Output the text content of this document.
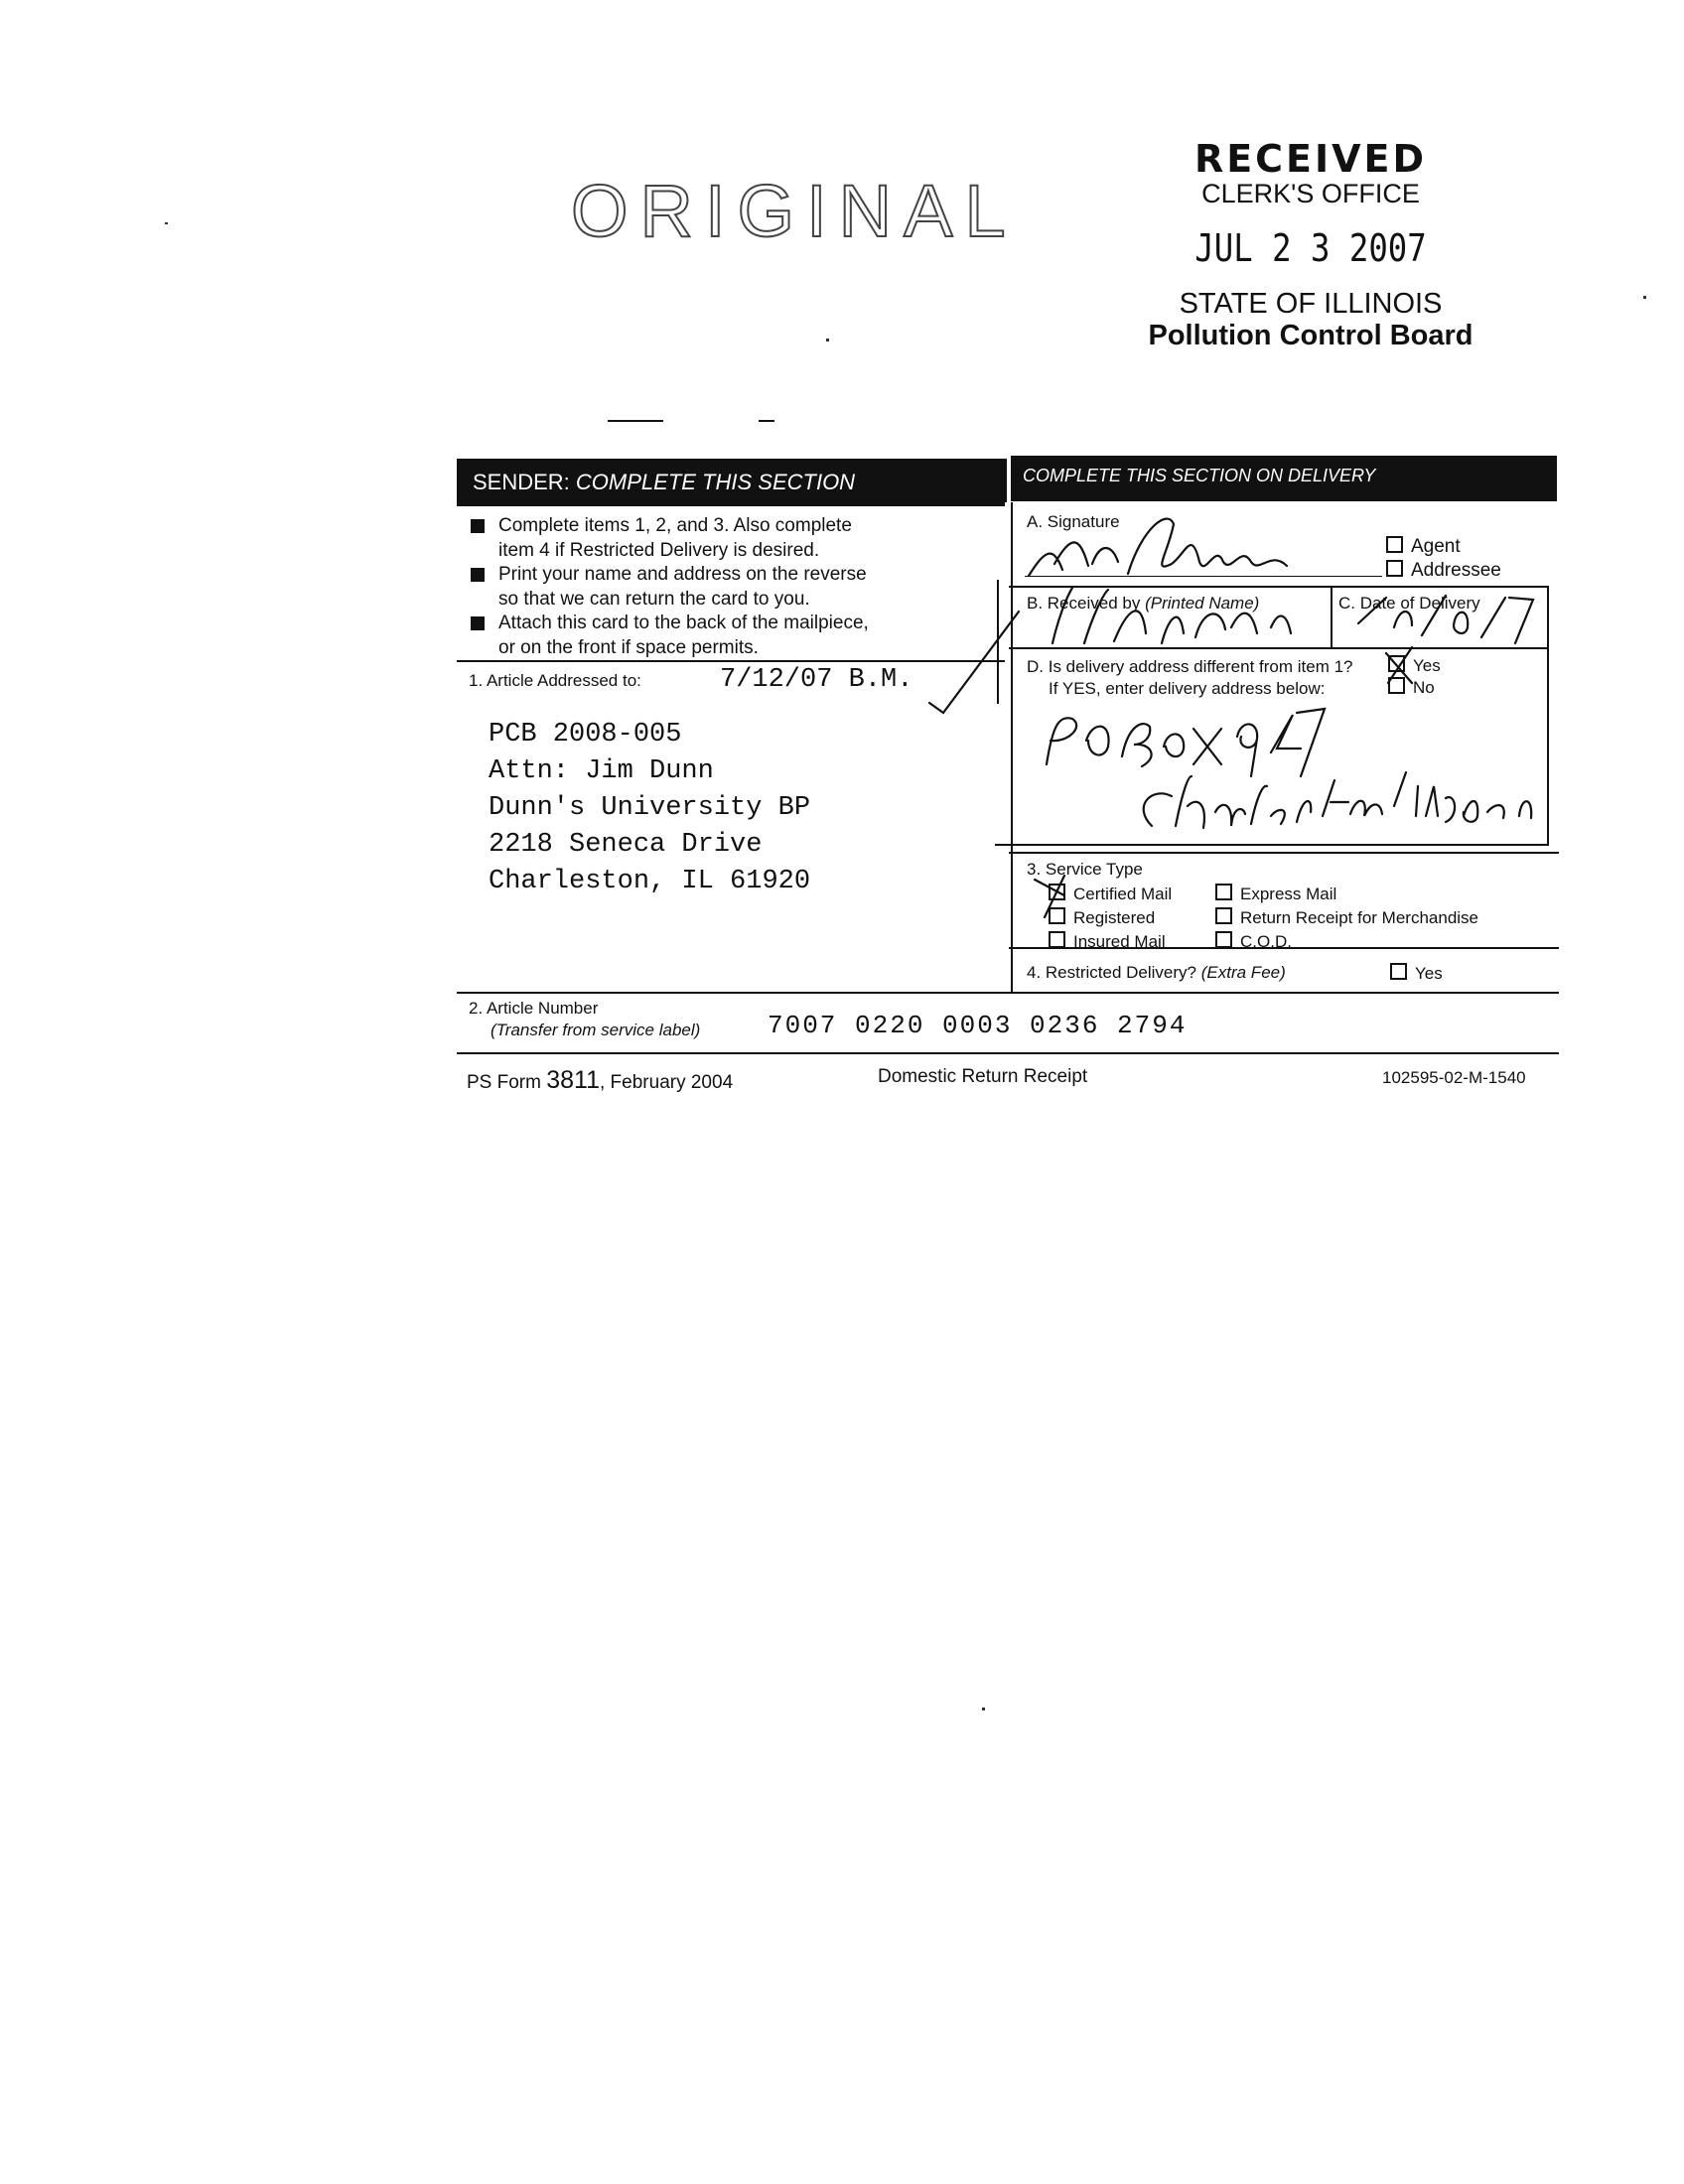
ORIGINAL
RECEIVED
CLERK'S OFFICE
JUL 2 3 2007
STATE OF ILLINOIS
Pollution Control Board
SENDER: COMPLETE THIS SECTION	COMPLETE THIS SECTION ON DELIVERY
Complete items 1, 2, and 3. Also complete
item 4 if Restricted Delivery is desired.
Print your name and address on the reverse
so that we can return the card to you.
Attach this card to the back of the mailpiece,
or on the front if space permits.
1. Article Addressed to:	7/12/07 B.M.
PCB 2008-005
Attn: Jim Dunn
Dunn's University BP
2218 Seneca Drive
Charleston, IL 61920
A. Signature
Agent
Addressee
B. Received by (Printed Name)	C. Date of Delivery
D. Is delivery address different from item 1?
If YES, enter delivery address below:
Yes
No
3. Service Type
Certified Mail	Express Mail
Registered	Return Receipt for Merchandise
Insured Mail	C.O.D.
4. Restricted Delivery? (Extra Fee)	Yes
2. Article Number
(Transfer from service label)	7007 0220 0003 0236 2794
PS Form 3811, February 2004	Domestic Return Receipt	102595-02-M-1540
